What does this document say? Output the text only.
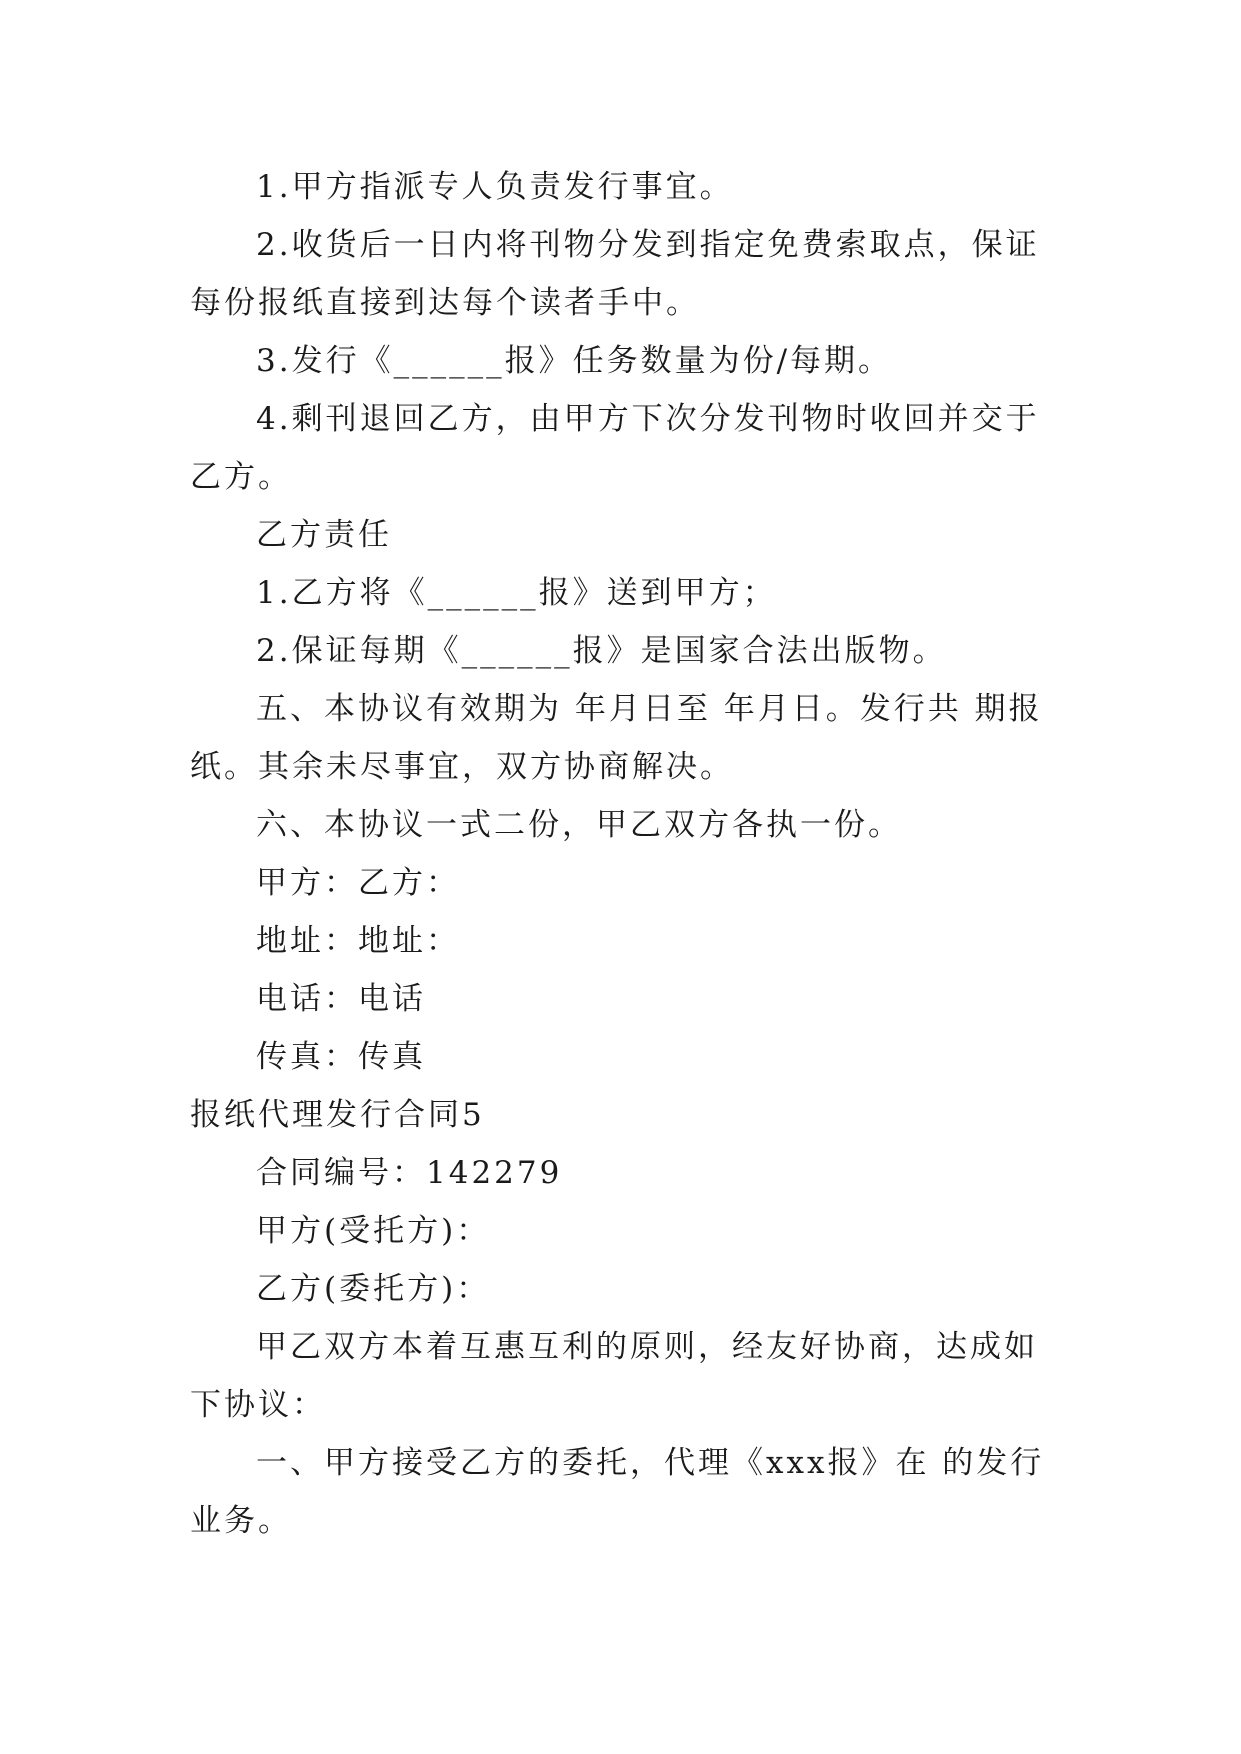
1.甲方指派专人负责发行事宜。

2.收货后一日内将刊物分发到指定免费索取点，保证每份报纸直接到达每个读者手中。

3.发行《______报》任务数量为份/每期。

4.剩刊退回乙方，由甲方下次分发刊物时收回并交于乙方。

乙方责任

1.乙方将《______报》送到甲方；

2.保证每期《______报》是国家合法出版物。

五、本协议有效期为 年月日至 年月日。发行共 期报纸。其余未尽事宜，双方协商解决。

六、本协议一式二份，甲乙双方各执一份。

甲方：乙方：

地址：地址：

电话：电话

传真：传真

报纸代理发行合同5

合同编号：142279

甲方(受托方)：

乙方(委托方)：

甲乙双方本着互惠互利的原则，经友好协商，达成如下协议：

一、甲方接受乙方的委托，代理《xxx报》在 的发行业务。
